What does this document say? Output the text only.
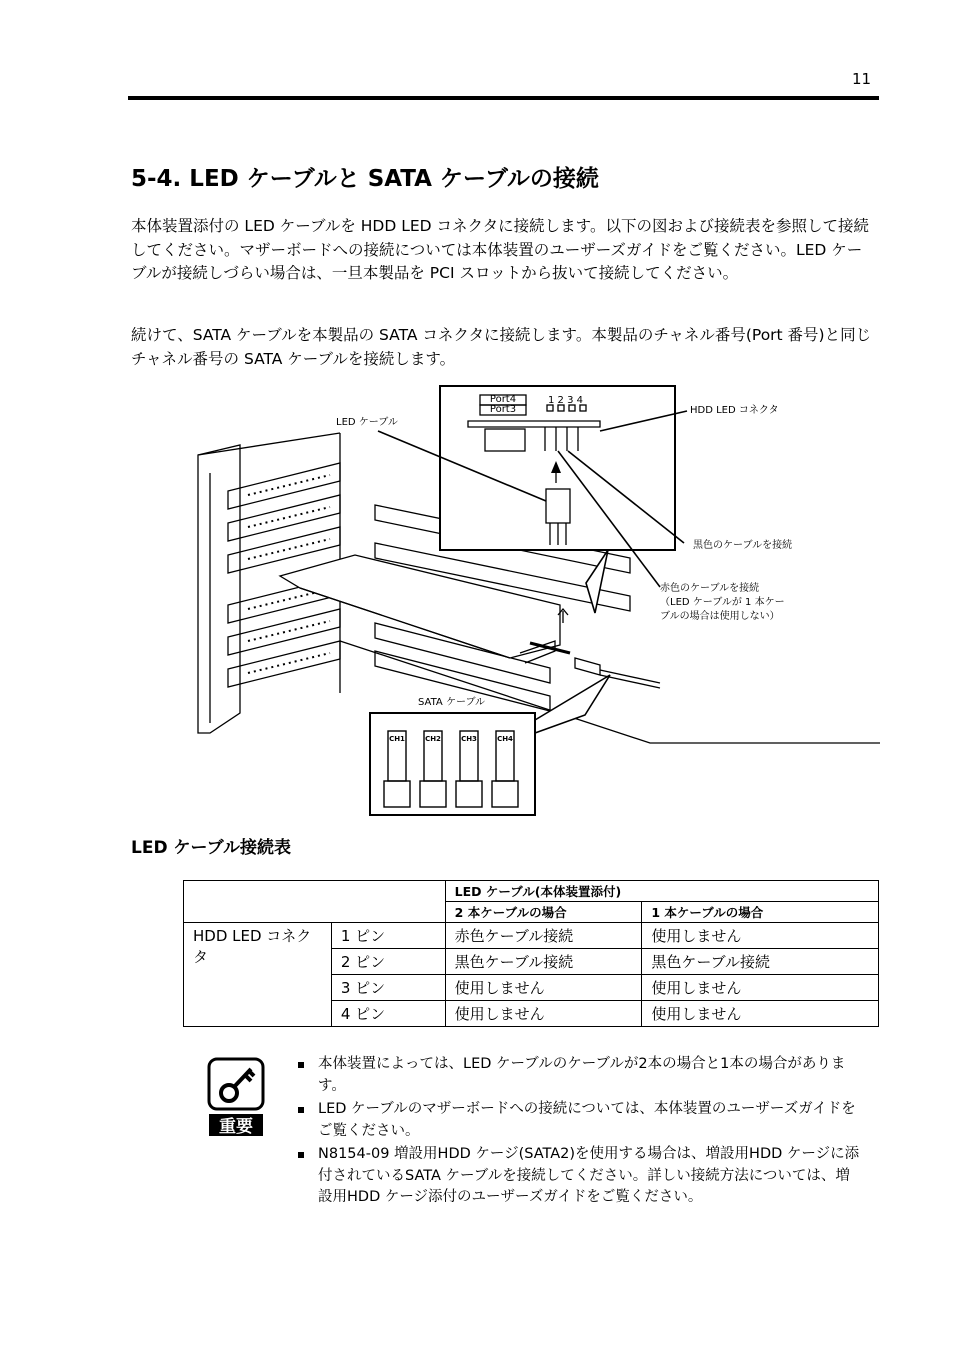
11
5-4. LED ケーブルと SATA ケーブルの接続

本体装置添付の LED ケーブルを HDD LED コネクタに接続します。以下の図および接続表を参照して接続してください。マザーボードへの接続については本体装置のユーザーズガイドをご覧ください。LED ケーブルが接続しづらい場合は、一旦本製品を PCI スロットから抜いて接続してください。

続けて、SATA ケーブルを本製品の SATA コネクタに接続します。本製品のチャネル番号(Port 番号)と同じチャネル番号の SATA ケーブルを接続します。

Port4
Port3
1 2 3 4
LED ケーブル
HDD LED コネクタ
黒色のケーブルを接続
赤色のケーブルを接続
（LED ケーブルが 1 本ケー
ブルの場合は使用しない）
SATA ケーブル
CH1	CH2	CH3	CH4
LED ケーブル接続表
		LED ケーブル(本体装置添付)	
		2 本ケーブルの場合	1 本ケーブルの場合
HDD LED コネクタ	1 ピン	赤色ケーブル接続	使用しません
	2 ピン	黒色ケーブル接続	黒色ケーブル接続
	3 ピン	使用しません	使用しません
	4 ピン	使用しません	使用しません
重要
本体装置によっては、LED ケーブルのケーブルが2本の場合と1本の場合があります。
LED ケーブルのマザーボードへの接続については、本体装置のユーザーズガイドをご覧ください。
N8154-09 増設用HDD ケージ(SATA2)を使用する場合は、増設用HDD ケージに添付されているSATA ケーブルを接続してください。詳しい接続方法については、増設用HDD ケージ添付のユーザーズガイドをご覧ください。
